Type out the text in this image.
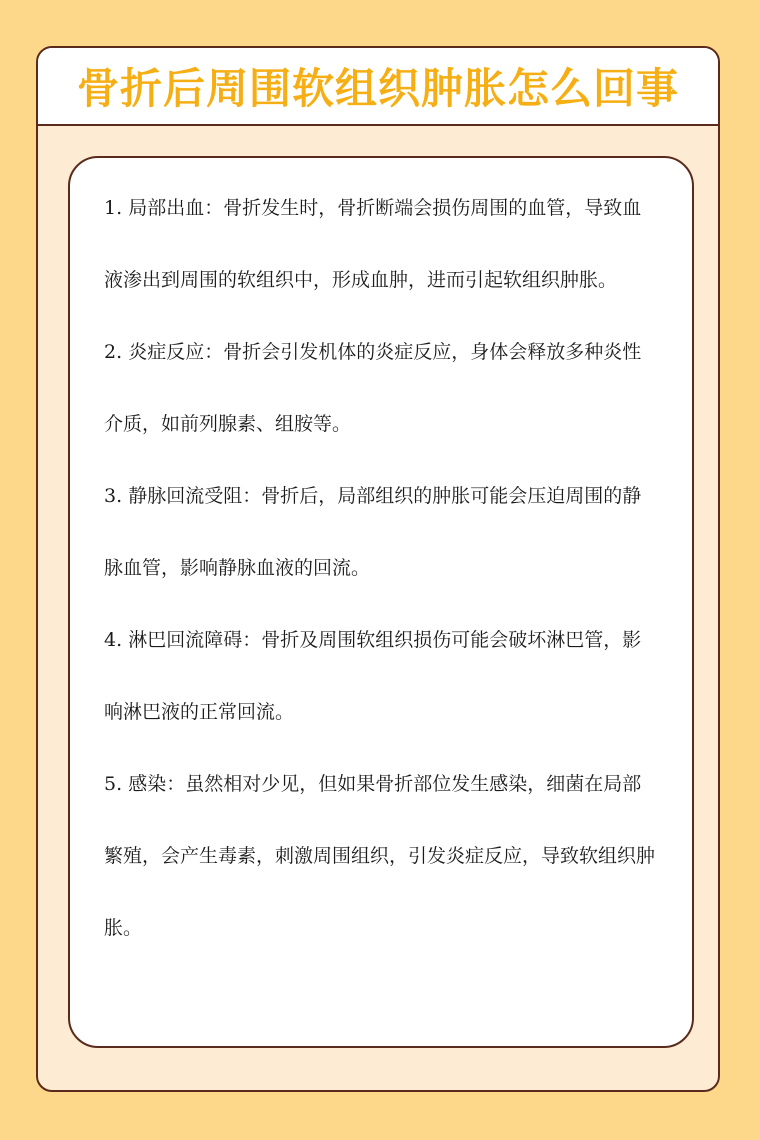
骨折后周围软组织肿胀怎么回事

1. 局部出血：骨折发生时，骨折断端会损伤周围的血管，导致血液渗出到周围的软组织中，形成血肿，进而引起软组织肿胀。

2. 炎症反应：骨折会引发机体的炎症反应，身体会释放多种炎性介质，如前列腺素、组胺等。

3. 静脉回流受阻：骨折后，局部组织的肿胀可能会压迫周围的静脉血管，影响静脉血液的回流。

4. 淋巴回流障碍：骨折及周围软组织损伤可能会破坏淋巴管，影响淋巴液的正常回流。

5. 感染：虽然相对少见，但如果骨折部位发生感染，细菌在局部繁殖，会产生毒素，刺激周围组织，引发炎症反应，导致软组织肿胀。
